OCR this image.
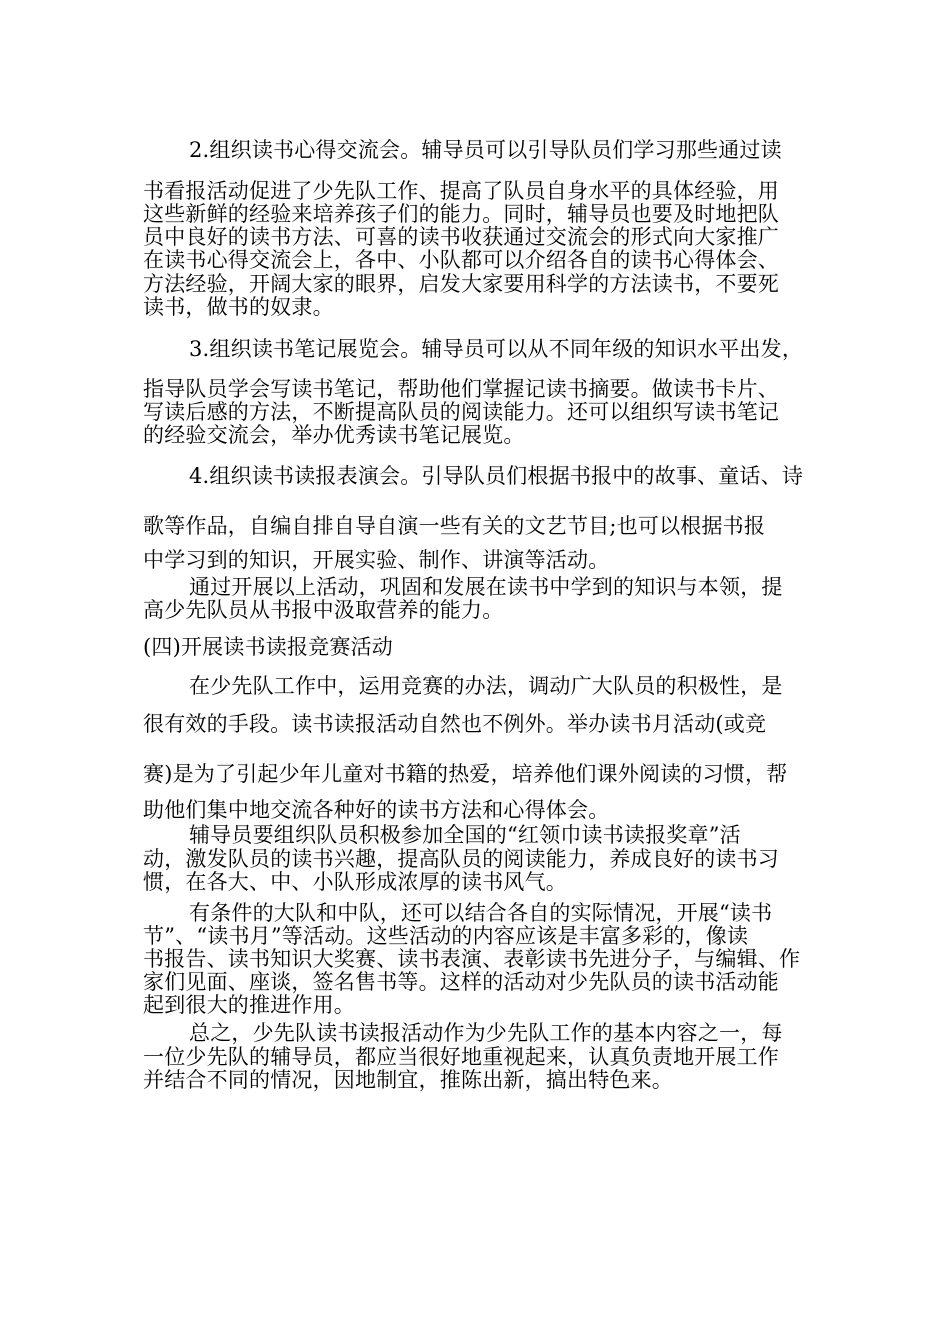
2.组织读书心得交流会。辅导员可以引导队员们学习那些通过读

书看报活动促进了少先队工作、提高了队员自身水平的具体经验，用

这些新鲜的经验来培养孩子们的能力。同时，辅导员也要及时地把队

员中良好的读书方法、可喜的读书收获通过交流会的形式向大家推广

在读书心得交流会上，各中、小队都可以介绍各自的读书心得体会、

方法经验，开阔大家的眼界，启发大家要用科学的方法读书，不要死

读书，做书的奴隶。

3.组织读书笔记展览会。辅导员可以从不同年级的知识水平出发，

指导队员学会写读书笔记，帮助他们掌握记读书摘要。做读书卡片、

写读后感的方法，不断提高队员的阅读能力。还可以组织写读书笔记

的经验交流会，举办优秀读书笔记展览。

4.组织读书读报表演会。引导队员们根据书报中的故事、童话、诗

歌等作品，自编自排自导自演一些有关的文艺节目;也可以根据书报

中学习到的知识，开展实验、制作、讲演等活动。

通过开展以上活动，巩固和发展在读书中学到的知识与本领，提

高少先队员从书报中汲取营养的能力。

(四)开展读书读报竞赛活动

在少先队工作中，运用竞赛的办法，调动广大队员的积极性，是

很有效的手段。读书读报活动自然也不例外。举办读书月活动(或竞

赛)是为了引起少年儿童对书籍的热爱，培养他们课外阅读的习惯，帮

助他们集中地交流各种好的读书方法和心得体会。

辅导员要组织队员积极参加全国的“红领巾读书读报奖章”活

动，激发队员的读书兴趣，提高队员的阅读能力，养成良好的读书习

惯，在各大、中、小队形成浓厚的读书风气。

有条件的大队和中队，还可以结合各自的实际情况，开展“读书

节”、“读书月”等活动。这些活动的内容应该是丰富多彩的，像读

书报告、读书知识大奖赛、读书表演、表彰读书先进分子，与编辑、作

家们见面、座谈，签名售书等。这样的活动对少先队员的读书活动能

起到很大的推进作用。

总之，少先队读书读报活动作为少先队工作的基本内容之一，每

一位少先队的辅导员，都应当很好地重视起来，认真负责地开展工作

并结合不同的情况，因地制宜，推陈出新，搞出特色来。
